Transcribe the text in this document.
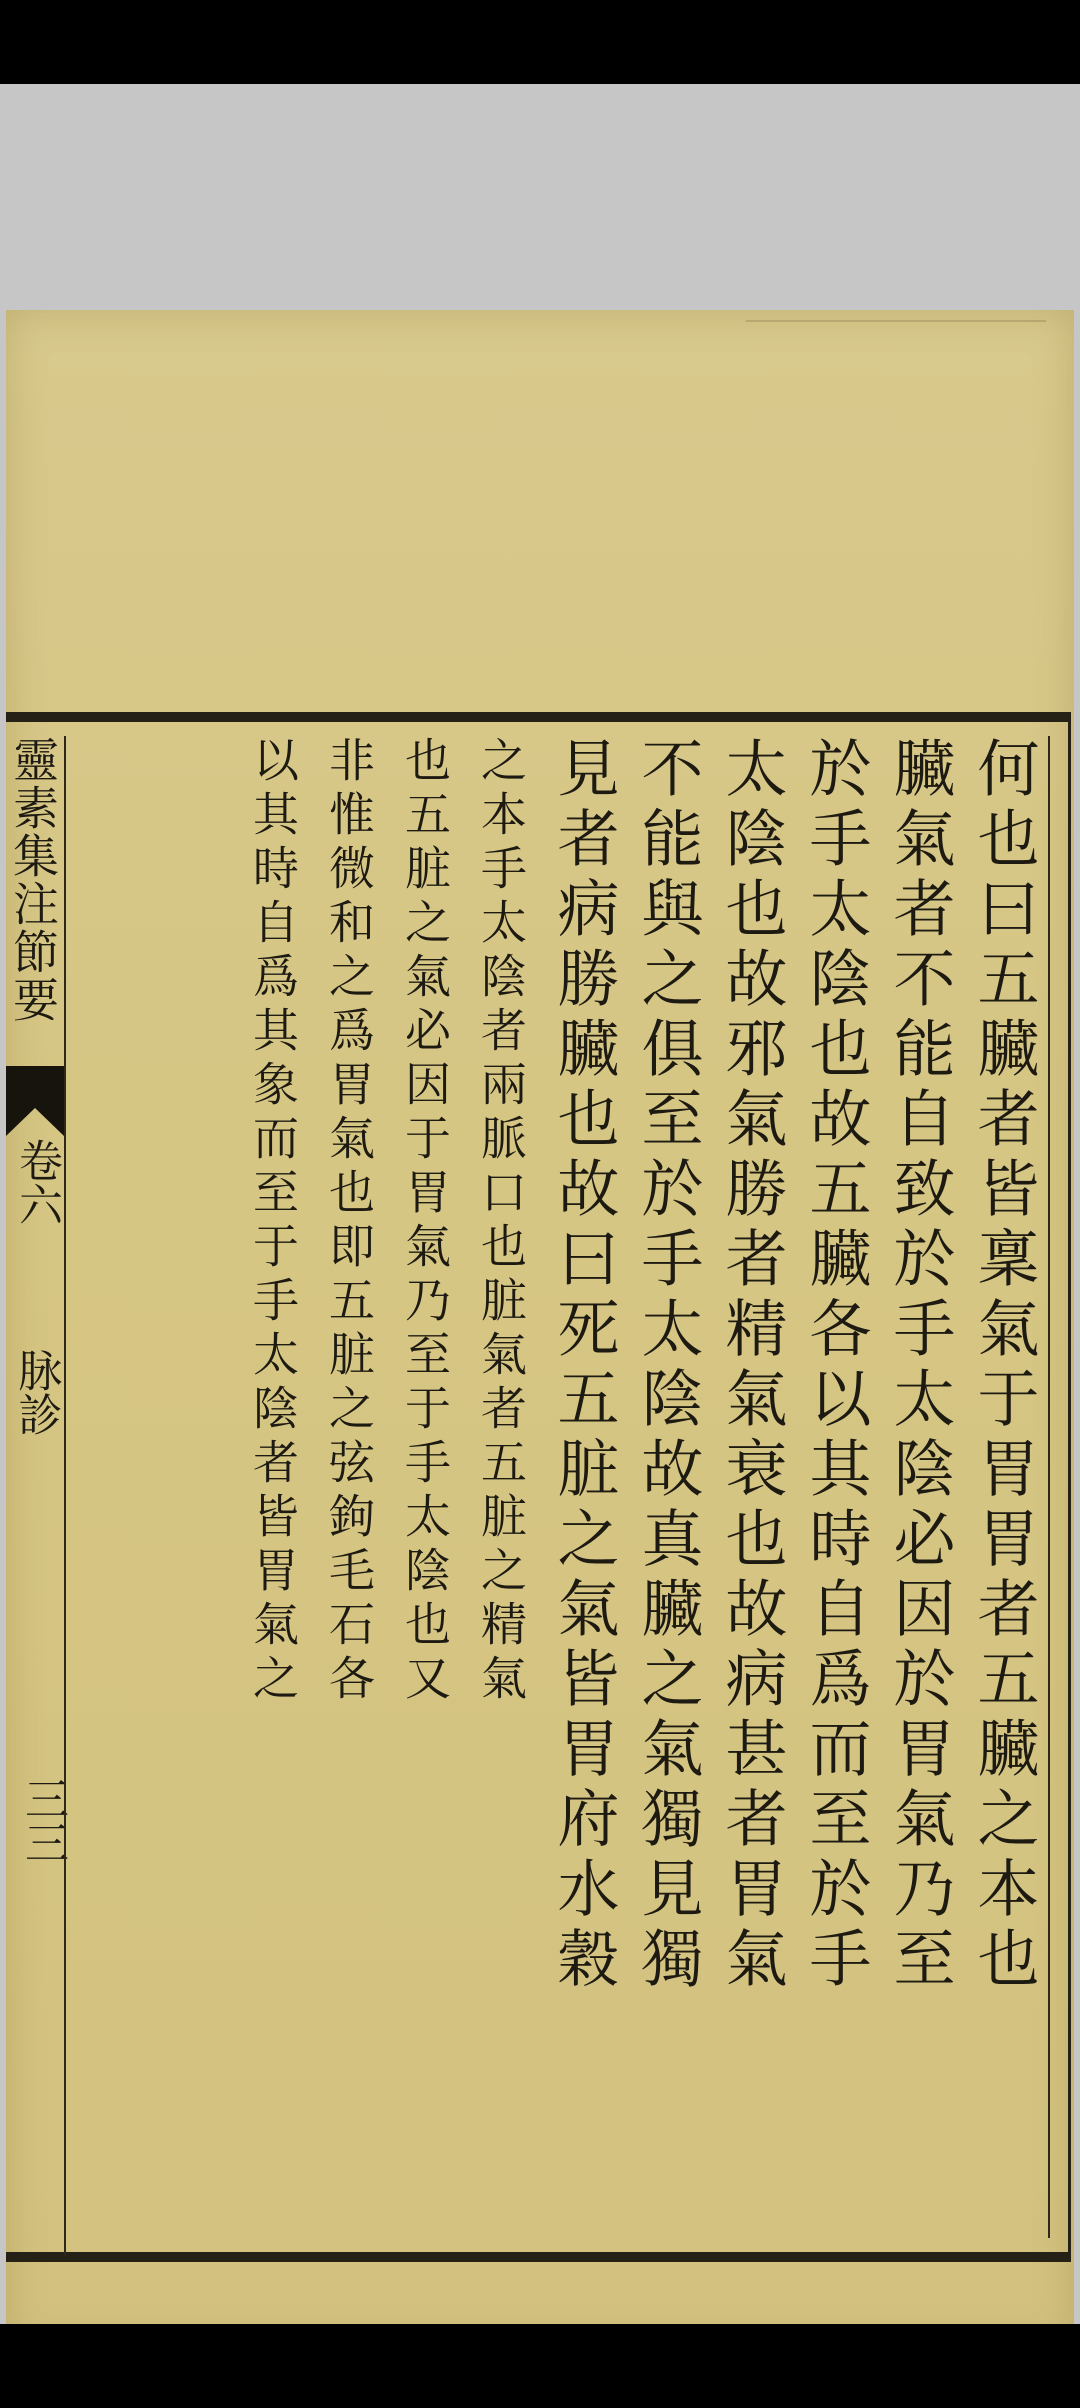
靈素集注節要
卷六
脉診
三三	何也曰五臟者皆稟氣于胃胃者五臟之本也
臟氣者不能自致於手太陰必因於胃氣乃至
於手太陰也故五臟各以其時自爲而至於手
太陰也故邪氣勝者精氣衰也故病甚者胃氣
不能與之俱至於手太陰故真臟之氣獨見獨
見者病勝臟也故曰死五脏之氣皆胃府水穀
之本手太陰者兩脈口也脏氣者五脏之精氣
也五脏之氣必因于胃氣乃至于手太陰也又
非惟微和之爲胃氣也即五脏之弦鉤毛石各
以其時自爲其象而至于手太陰者皆胃氣之
